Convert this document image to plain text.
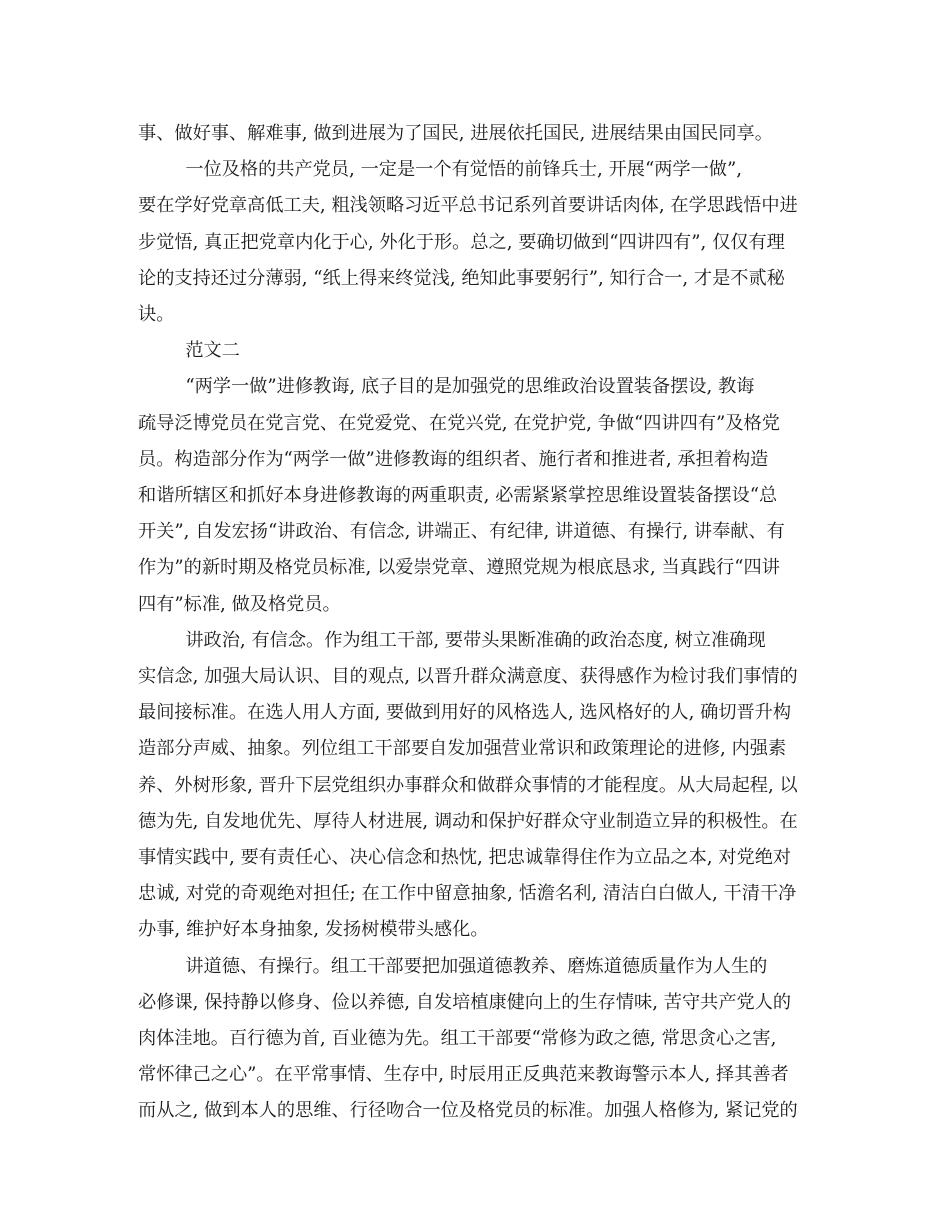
事、做好事、解难事, 做到进展为了国民, 进展依托国民, 进展结果由国民同享。

一位及格的共产党员, 一定是一个有觉悟的前锋兵士, 开展“两学一做”,
要在学好党章高低工夫, 粗浅领略习近平总书记系列首要讲话肉体, 在学思践悟中进
步觉悟, 真正把党章内化于心, 外化于形。总之, 要确切做到“四讲四有”, 仅仅有理
论的支持还过分薄弱, “纸上得来终觉浅, 绝知此事要躬行”, 知行合一, 才是不贰秘
诀。

范文二

“两学一做”进修教诲, 底子目的是加强党的思维政治设置装备摆设, 教诲
疏导泛博党员在党言党、在党爱党、在党兴党, 在党护党, 争做“四讲四有”及格党
员。构造部分作为“两学一做”进修教诲的组织者、施行者和推进者, 承担着构造
和谐所辖区和抓好本身进修教诲的两重职责, 必需紧紧掌控思维设置装备摆设“总
开关”, 自发宏扬“讲政治、有信念, 讲端正、有纪律, 讲道德、有操行, 讲奉献、有
作为”的新时期及格党员标准, 以爱崇党章、遵照党规为根底恳求, 当真践行“四讲
四有”标准, 做及格党员。

讲政治, 有信念。作为组工干部, 要带头果断准确的政治态度, 树立准确现
实信念, 加强大局认识、目的观点, 以晋升群众满意度、获得感作为检讨我们事情的
最间接标准。在选人用人方面, 要做到用好的风格选人, 选风格好的人, 确切晋升构
造部分声威、抽象。列位组工干部要自发加强营业常识和政策理论的进修, 内强素
养、外树形象, 晋升下层党组织办事群众和做群众事情的才能程度。从大局起程, 以
德为先, 自发地优先、厚待人材进展, 调动和保护好群众守业制造立异的积极性。在
事情实践中, 要有责任心、决心信念和热忱, 把忠诚靠得住作为立品之本, 对党绝对
忠诚, 对党的奇观绝对担任; 在工作中留意抽象, 恬澹名利, 清洁白白做人, 干清干净
办事, 维护好本身抽象, 发扬树模带头感化。

讲道德、有操行。组工干部要把加强道德教养、磨炼道德质量作为人生的
必修课, 保持静以修身、俭以养德, 自发培植康健向上的生存情味, 苦守共产党人的
肉体洼地。百行德为首, 百业德为先。组工干部要“常修为政之德, 常思贪心之害,
常怀律己之心”。在平常事情、生存中, 时辰用正反典范来教诲警示本人, 择其善者
而从之, 做到本人的思维、行径吻合一位及格党员的标准。加强人格修为, 紧记党的
